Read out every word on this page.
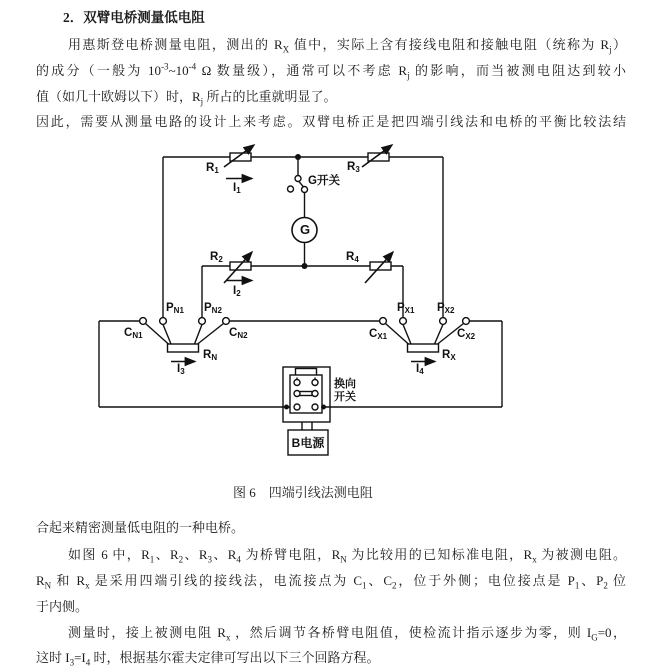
2．双臂电桥测量低电阻
用惠斯登电桥测量电阻，测出的 $R_X$ 值中，实际上含有接线电阻和接触电阻（统称为 $R_j$）
的成分（一般为 $10^{-3}\sim 10^{-4}$ Ω 数量级），通常可以不考虑 $R_j$ 的影响，而当被测电阻达到较小
值（如几十欧姆以下）时，$R_j$ 所占的比重就明显了。
因此，需要从测量电路的设计上来考虑。双臂电桥正是把四端引线法和电桥的平衡比较法结
合起来精密测量低电阻的一种电桥。
如图 6 中，$R_1$、$R_2$、$R_3$、$R_4$ 为桥臂电阻，$R_N$ 为比较用的已知标准电阻，$R_x$ 为被测电阻。
$R_N$ 和 $R_x$ 是采用四端引线的接线法，电流接点为 $C_1$、$C_2$，位于外侧；电位接点是 $P_1$、$P_2$ 位
于内侧。
测量时，接上被测电阻 $R_x$ ，然后调节各桥臂电阻值，使检流计指示逐步为零，则 $I_G=0$，
这时 $I_3=I_4$ 时，根据基尔霍夫定律可写出以下三个回路方程。
$R_1$
$I_1$
$R_3$
G开关
G
$R_2$
$I_2$
$R_4$
$P_{N1}$ $P_{N2}$
$C_{N1}$	$C_{N2}$
$P_{X1}$ $P_{X2}$
$C_{X1}$	$C_{X2}$
$R_N$
$I_3$
$R_X$
$I_4$
换向
开关
B电源
图 6　四端引线法测电阻
